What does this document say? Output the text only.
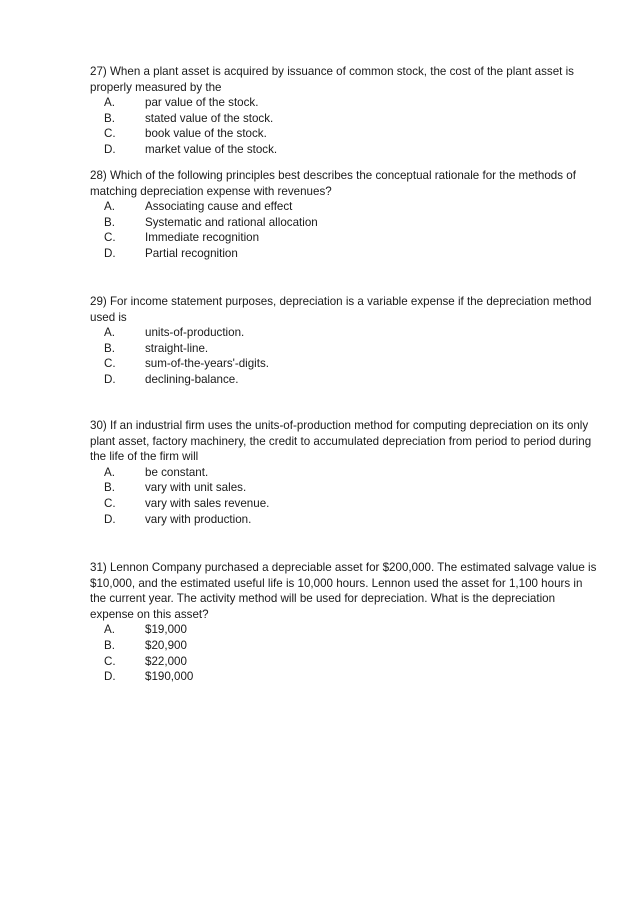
27) When a plant asset is acquired by issuance of common stock, the cost of the plant asset is properly measured by the

A.	par value of the stock.
B.	stated value of the stock.
C.	book value of the stock.
D.	market value of the stock.

28) Which of the following principles best describes the conceptual rationale for the methods of matching depreciation expense with revenues?

A.	Associating cause and effect
B.	Systematic and rational allocation
C.	Immediate recognition
D.	Partial recognition

29) For income statement purposes, depreciation is a variable expense if the depreciation method used is

A.	units-of-production.
B.	straight-line.
C.	sum-of-the-years'-digits.
D.	declining-balance.

30) If an industrial firm uses the units-of-production method for computing depreciation on its only plant asset, factory machinery, the credit to accumulated depreciation from period to period during the life of the firm will

A.	be constant.
B.	vary with unit sales.
C.	vary with sales revenue.
D.	vary with production.

31) Lennon Company purchased a depreciable asset for $200,000. The estimated salvage value is $10,000, and the estimated useful life is 10,000 hours. Lennon used the asset for 1,100 hours in the current year. The activity method will be used for depreciation. What is the depreciation expense on this asset?

A.	$19,000
B.	$20,900
C.	$22,000
D.	$190,000
